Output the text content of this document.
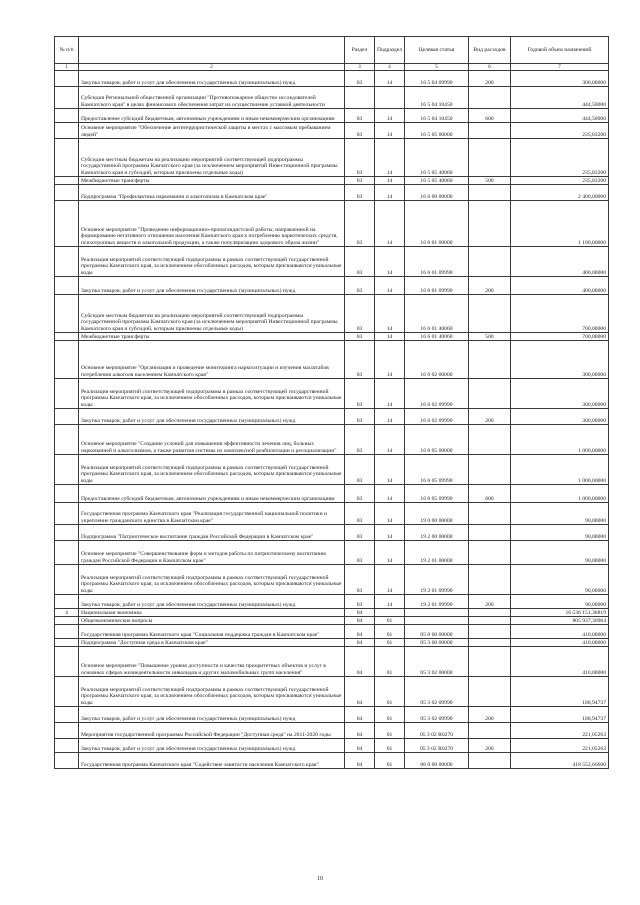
№ п/п		Раздел	Подраздел	Целевая статья	Вид расходов	Годовой объем назначений
1	2	3	4	5	6	7
	Закупка товаров, работ и услуг для обеспечения государственных (муниципальных) нужд	03	14	16 5 04 09990	200	300,00000
	Субсидия Региональной общественной организации "Противопожарное общество исследователей Камчатского края" в целях финансового обеспечения затрат на осуществление уставной деятельности			16 5 04 10450		444,50000
	Предоставление субсидий бюджетным, автономным учреждениям и иным некоммерческим организациям	03	14	16 5 04 10450	600	444,50000
	Основное мероприятие "Обеспечение антитеррористической защиты в местах с массовым пребыванием людей"	03	14	16 5 05 00000		235,83200
	Субсидии местным бюджетам на реализацию мероприятий соответствующей подпрограммы государственной программы Камчатского края (за исключением мероприятий Инвестиционной программы Камчатского края и субсидий, которым присвоены отдельные коды)	03	14	16 5 05 40060		235,83200
	Межбюджетные трансферты	03	14	16 5 05 40060	500	235,83200
	Подпрограмма "Профилактика наркомании и алкоголизма в Камчатском крае"	03	14	16 6 00 00000		2 400,00000
	Основное мероприятие "Проведение информационно-пропагандистской работы, направленной на формирование негативного отношения населения Камчатского края к потреблению наркотических средств, психотропных веществ и алкогольной продукции, а также популяризацию здорового образа жизни"	03	14	16 6 01 00000		1 100,00000
	Реализация мероприятий соответствующей подпрограммы в рамках соответствующей государственной программы Камчатского края, за исключением обособленных расходов, которым присваиваются уникальные коды	03	14	16 6 01 09990		400,00000
	Закупка товаров, работ и услуг для обеспечения государственных (муниципальных) нужд	03	14	16 6 01 09990	200	400,00000
	Субсидии местным бюджетам на реализацию мероприятий соответствующей подпрограммы государственной программы Камчатского края (за исключением мероприятий Инвестиционной программы Камчатского края и субсидий, которым присвоены отдельные коды)	03	14	16 6 01 40060		700,00000
	Межбюджетные трансферты	03	14	16 6 01 40060	500	700,00000
	Основное мероприятие "Организация и проведение мониторинга наркоситуации и изучения масштабов потребления алкоголя населением Камчатского края"	03	14	16 6 02 00000		300,00000
	Реализация мероприятий соответствующей подпрограммы в рамках соответствующей государственной программы Камчатского края, за исключением обособленных расходов, которым присваиваются уникальные коды	03	14	16 6 02 09990		300,00000
	Закупка товаров, работ и услуг для обеспечения государственных (муниципальных) нужд	03	14	16 6 02 09990	200	300,00000
	Основное мероприятие "Создание условий для повышения эффективности лечения лиц, больных наркоманией и алкоголизмом, а также развития системы их комплексной реабилитации и ресоциализации"	03	14	16 6 05 00000		1 000,00000
	Реализация мероприятий соответствующей подпрограммы в рамках соответствующей государственной программы Камчатского края, за исключением обособленных расходов, которым присваиваются уникальные коды	03	14	16 6 05 09990		1 000,00000
	Предоставление субсидий бюджетным, автономным учреждениям и иным некоммерческим организациям	03	14	16 6 05 09990	600	1 000,00000
	Государственная программа Камчатского края "Реализация государственной национальной политики и укрепление гражданского единства в Камчатском крае"	03	14	19 0 00 00000		90,00000
	Подпрограмма "Патриотическое воспитание граждан Российской Федерации в Камчатском крае"	03	14	19 2 00 00000		90,00000
	Основное мероприятие "Совершенствование форм и методов работы по патриотическому воспитанию граждан Российской Федерации в Камчатском крае"	03	14	19 2 01 00000		90,00000
	Реализация мероприятий соответствующей подпрограммы в рамках соответствующей государственной программы Камчатского края, за исключением обособленных расходов, которым присваиваются уникальные коды	03	14	19 2 01 09990		90,00000
	Закупка товаров, работ и услуг для обеспечения государственных (муниципальных) нужд	03	14	19 2 01 09990	200	90,00000
4	Национальная экономика	04				16 536 151,36819
	Общеэкономические вопросы	04	01			805 937,36964
	Государственная программа Камчатского края "Социальная поддержка граждан в Камчатском крае"	04	01	05 0 00 00000		410,00000
	Подпрограмма "Доступная среда в Камчатском крае"	04	01	05 3 00 00000		410,00000
	Основное мероприятие "Повышение уровня доступности и качества приоритетных объектов и услуг в основных сферах жизнедеятельности инвалидов и других маломобильных групп населения"	04	01	05 3 02 00000		410,00000
	Реализация мероприятий соответствующей подпрограммы в рамках соответствующей государственной программы Камчатского края, за исключением обособленных расходов, которым присваиваются уникальные коды	04	01	05 3 02 09990		188,94737
	Закупка товаров, работ и услуг для обеспечения государственных (муниципальных) нужд	04	01	05 3 02 09990	200	188,94737
	Мероприятия государственной программы Российской Федерации "Доступная среда" на 2011-2020 годы	04	01	05 3 02 R0270		221,05263
	Закупка товаров, работ и услуг для обеспечения государственных (муниципальных) нужд	04	01	05 3 02 R0270	200	221,05263
	Государственная программа Камчатского края "Содействие занятости населения Камчатского края"	04	01	06 0 00 00000		418 552,66600
10
